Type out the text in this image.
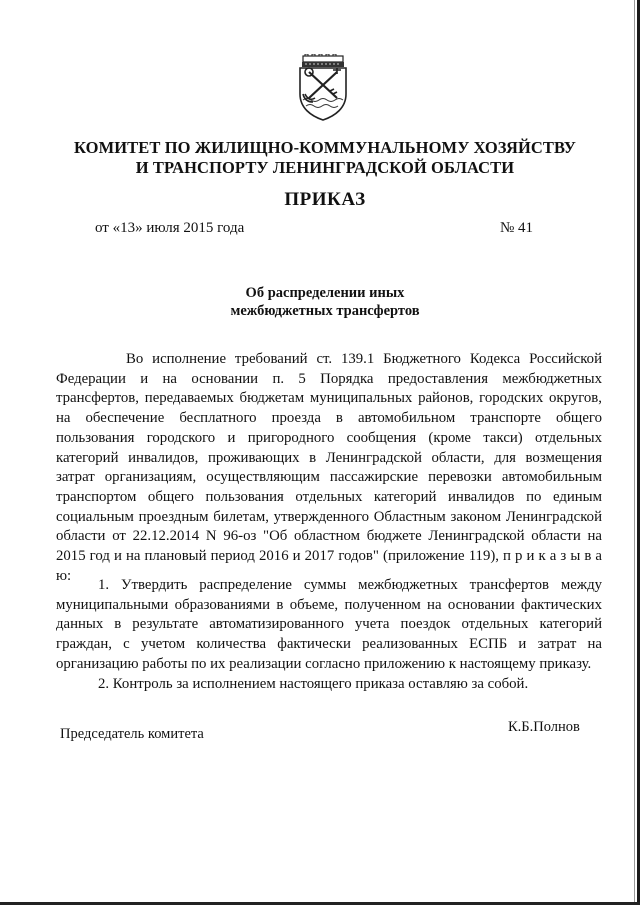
КОМИТЕТ ПО ЖИЛИЩНО-КОММУНАЛЬНОМУ ХОЗЯЙСТВУ
И ТРАНСПОРТУ ЛЕНИНГРАДСКОЙ ОБЛАСТИ
ПРИКАЗ
от «13» июля 2015 года	№ 41
Об распределении иных
межбюджетных трансфертов

Во исполнение требований ст. 139.1 Бюджетного Кодекса Российской Федерации и на основании п. 5 Порядка предоставления межбюджетных трансфертов, передаваемых бюджетам муниципальных районов, городских округов, на обеспечение бесплатного проезда в автомобильном транспорте общего пользования городского и пригородного сообщения (кроме такси) отдельных категорий инвалидов, проживающих в Ленинградской области, для возмещения затрат организациям, осуществляющим пассажирские перевозки автомобильным транспортом общего пользования отдельных категорий инвалидов по единым социальным проездным билетам, утвержденного Областным законом Ленинградской области от 22.12.2014 N 96-оз "Об областном бюджете Ленинградской области на 2015 год и на плановый период 2016 и 2017 годов" (приложение 119), п р и к а з ы в а ю:

1. Утвердить распределение суммы межбюджетных трансфертов между муниципальными образованиями в объеме, полученном на основании фактических данных в результате автоматизированного учета поездок отдельных категорий граждан, с учетом количества фактически реализованных ЕСПБ и затрат на организацию работы по их реализации согласно приложению к настоящему приказу.

2. Контроль за исполнением настоящего приказа оставляю за собой.

Председатель комитета	К.Б.Полнов
